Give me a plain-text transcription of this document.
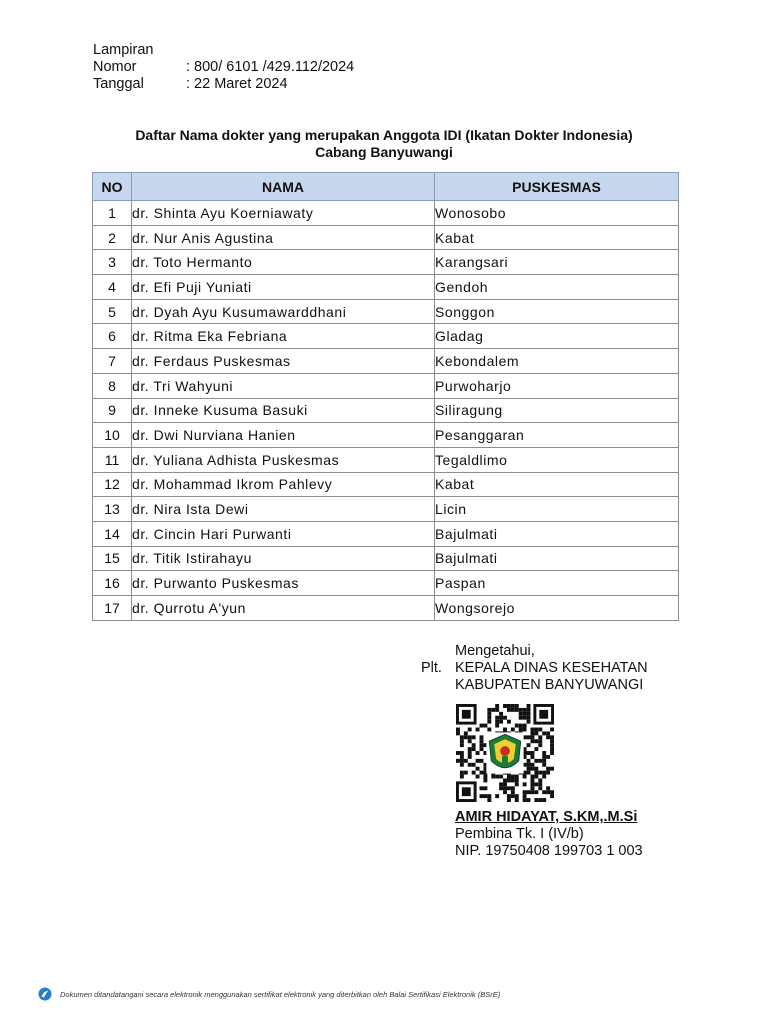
Lampiran
Nomor	: 800/ 6101 /429.112/2024
Tanggal	: 22 Maret 2024
Daftar Nama dokter yang merupakan Anggota IDI (Ikatan Dokter Indonesia)
Cabang Banyuwangi
NO	NAMA	PUSKESMAS
1	dr. Shinta Ayu Koerniawaty	Wonosobo
2	dr. Nur Anis Agustina	Kabat
3	dr. Toto Hermanto	Karangsari
4	dr. Efi Puji Yuniati	Gendoh
5	dr. Dyah Ayu Kusumawarddhani	Songgon
6	dr. Ritma Eka Febriana	Gladag
7	dr. Ferdaus Puskesmas	Kebondalem
8	dr. Tri Wahyuni	Purwoharjo
9	dr. Inneke Kusuma Basuki	Siliragung
10	dr. Dwi Nurviana Hanien	Pesanggaran
11	dr. Yuliana Adhista Puskesmas	Tegaldlimo
12	dr. Mohammad Ikrom Pahlevy	Kabat
13	dr. Nira Ista Dewi	Licin
14	dr. Cincin Hari Purwanti	Bajulmati
15	dr. Titik Istirahayu	Bajulmati
16	dr. Purwanto Puskesmas	Paspan
17	dr. Qurrotu A'yun	Wongsorejo
Mengetahui,
Plt. KEPALA DINAS KESEHATAN
KABUPATEN BANYUWANGI
AMIR HIDAYAT, S.KM,.M.Si
Pembina Tk. I (IV/b)
NIP. 19750408 199703 1 003
Dokumen ditandatangani secara elektronik menggunakan sertifikat elektronik yang diterbitkan oleh Balai Sertifikasi Elektronik (BSrE)
